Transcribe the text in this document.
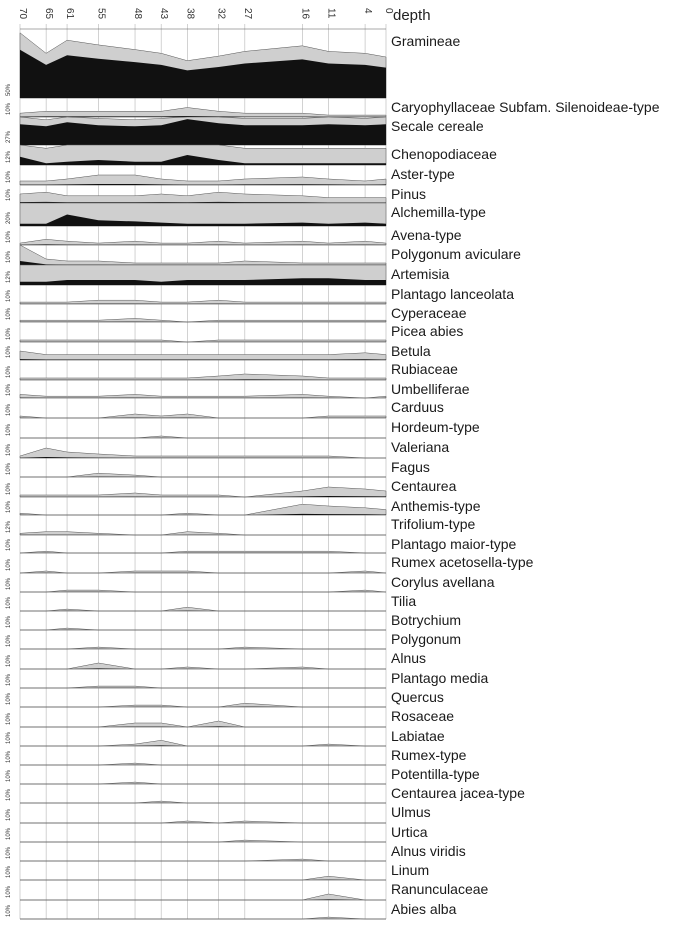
70 65 61 55	48 43 38 32 27	16 11	4 0
50%
10%
27%
12%
10%
10%
20%
10%
10%
12%
10%
10%
10%
10%
10%
10%
10%
10%
10%
10%
10%
10%
12%
10%
10%
10%
10%
10%
10%
10%
10%
10%
10%
10%
10%
10%
10%
10%
10%
10%
10%
10%
10%
Gramineae
Caryophyllaceae Subfam. Silenoideae-type
Secale cereale
Chenopodiaceae
Aster-type
Pinus
Alchemilla-type
Avena-type
Polygonum aviculare
Artemisia
Plantago lanceolata
Cyperaceae
Picea abies
Betula
Rubiaceae
Umbelliferae
Carduus
Hordeum-type
Valeriana
Fagus
Centaurea
Anthemis-type
Trifolium-type
Plantago maior-type
Rumex acetosella-type
Corylus avellana
Tilia
Botrychium
Polygonum
Alnus
Plantago media
Quercus
Rosaceae
Labiatae
Rumex-type
Potentilla-type
Centaurea jacea-type
Ulmus
Urtica
Alnus viridis
Linum
Ranunculaceae
Abies alba
depth
